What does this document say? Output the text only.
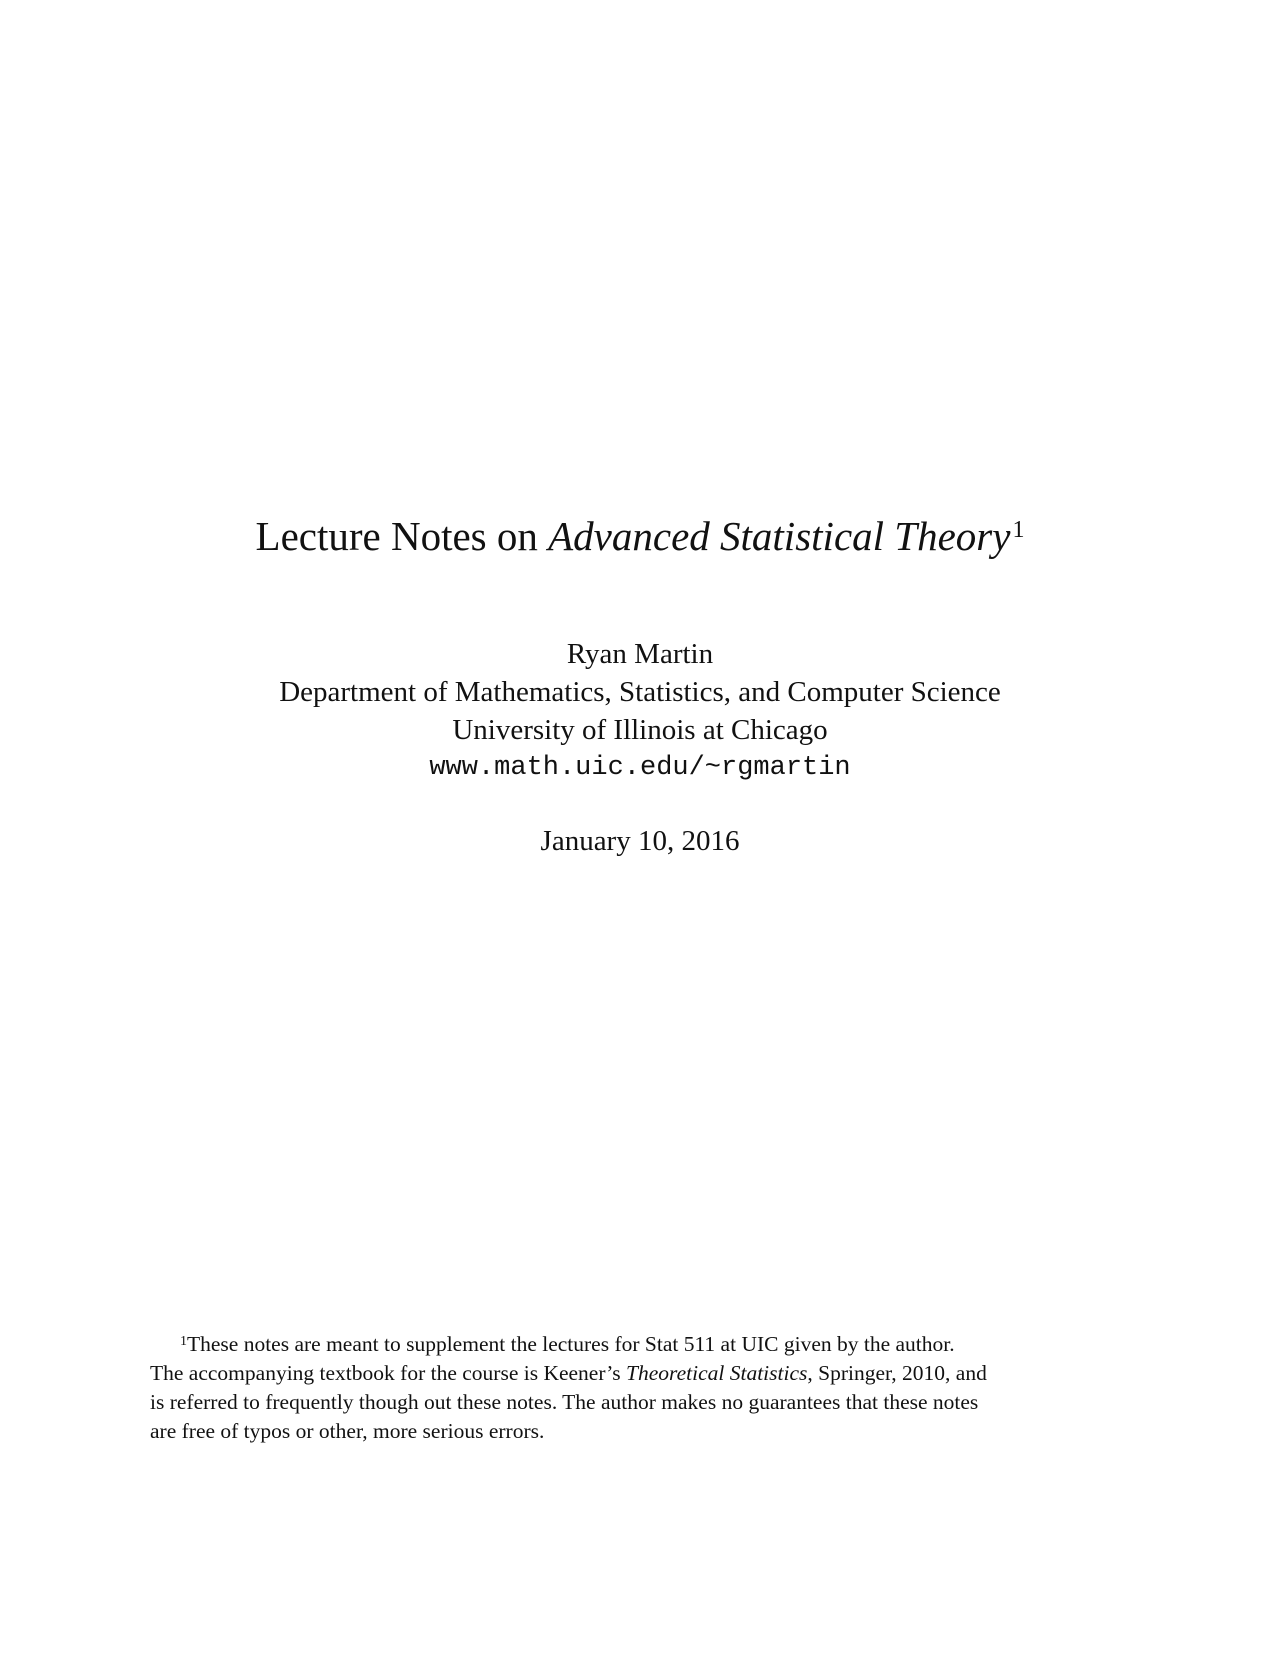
Lecture Notes on Advanced Statistical Theory$^1$
Ryan Martin
Department of Mathematics, Statistics, and Computer Science
University of Illinois at Chicago
www.math.uic.edu/~rgmartin
January 10, 2016
$^1$These notes are meant to supplement the lectures for Stat 511 at UIC given by the author.
The accompanying textbook for the course is Keener’s Theoretical Statistics, Springer, 2010, and
is referred to frequently though out these notes. The author makes no guarantees that these notes
are free of typos or other, more serious errors.
